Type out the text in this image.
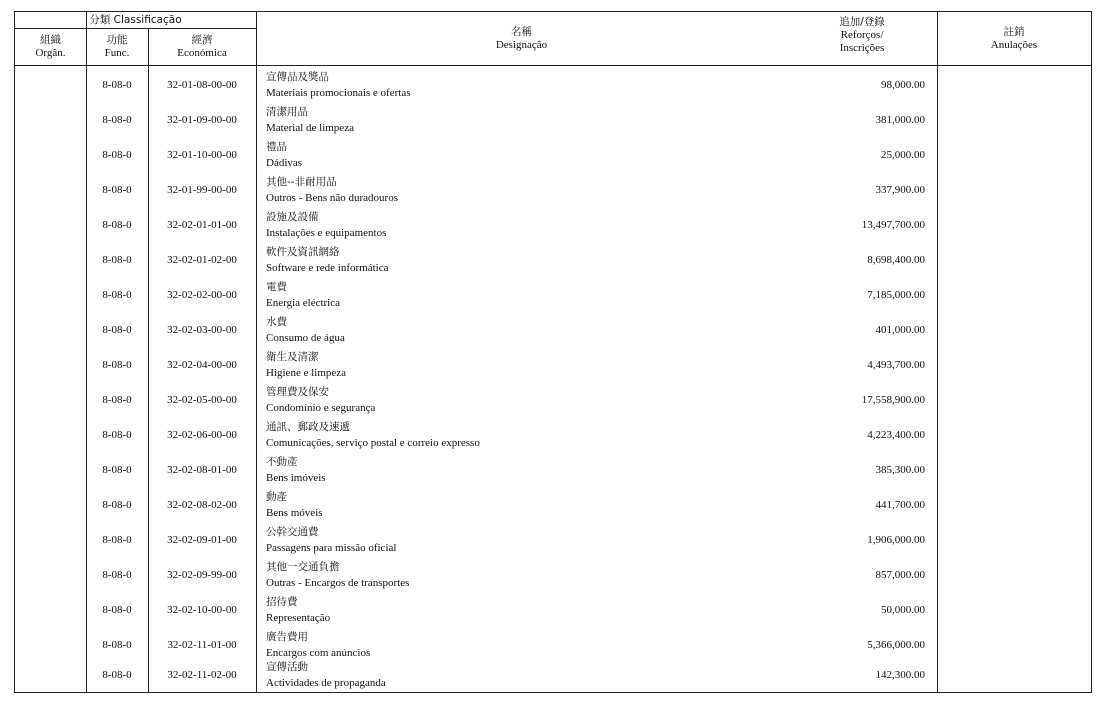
分類 Classificação
組織
Orgân.
功能
Func.
經濟
Económica
名稱
Designação
追加/登錄
Reforços/
Inscrições
註銷
Anulações
8-08-0	32-01-08-00-00
宣傳品及獎品
Materiais promocionais e ofertas
98,000.00
8-08-0	32-01-09-00-00
清潔用品
Material de limpeza
381,000.00
8-08-0	32-01-10-00-00
禮品
Dádivas
25,000.00
8-08-0	32-01-99-00-00
其他--非耐用品
Outros - Bens não duradouros
337,900.00
8-08-0	32-02-01-01-00
設施及設備
Instalações e equipamentos
13,497,700.00
8-08-0	32-02-01-02-00
軟件及資訊網絡
Software e rede informática
8,698,400.00
8-08-0	32-02-02-00-00
電費
Energia eléctrica
7,185,000.00
8-08-0	32-02-03-00-00
水費
Consumo de água
401,000.00
8-08-0	32-02-04-00-00
衛生及清潔
Higiene e limpeza
4,493,700.00
8-08-0	32-02-05-00-00
管理費及保安
Condomínio e segurança
17,558,900.00
8-08-0	32-02-06-00-00
通訊、郵政及速遞
Comunicações, serviço postal e correio expresso
4,223,400.00
8-08-0	32-02-08-01-00
不動產
Bens imóveis
385,300.00
8-08-0	32-02-08-02-00
動產
Bens móveis
441,700.00
8-08-0	32-02-09-01-00
公幹交通費
Passagens para missão oficial
1,906,000.00
8-08-0	32-02-09-99-00
其他一交通負擔
Outras - Encargos de transportes
857,000.00
8-08-0	32-02-10-00-00
招待費
Representação
50,000.00
8-08-0	32-02-11-01-00
廣告費用
Encargos com anúncios
5,366,000.00
8-08-0	32-02-11-02-00
宣傳活動
Actividades de propaganda
142,300.00
